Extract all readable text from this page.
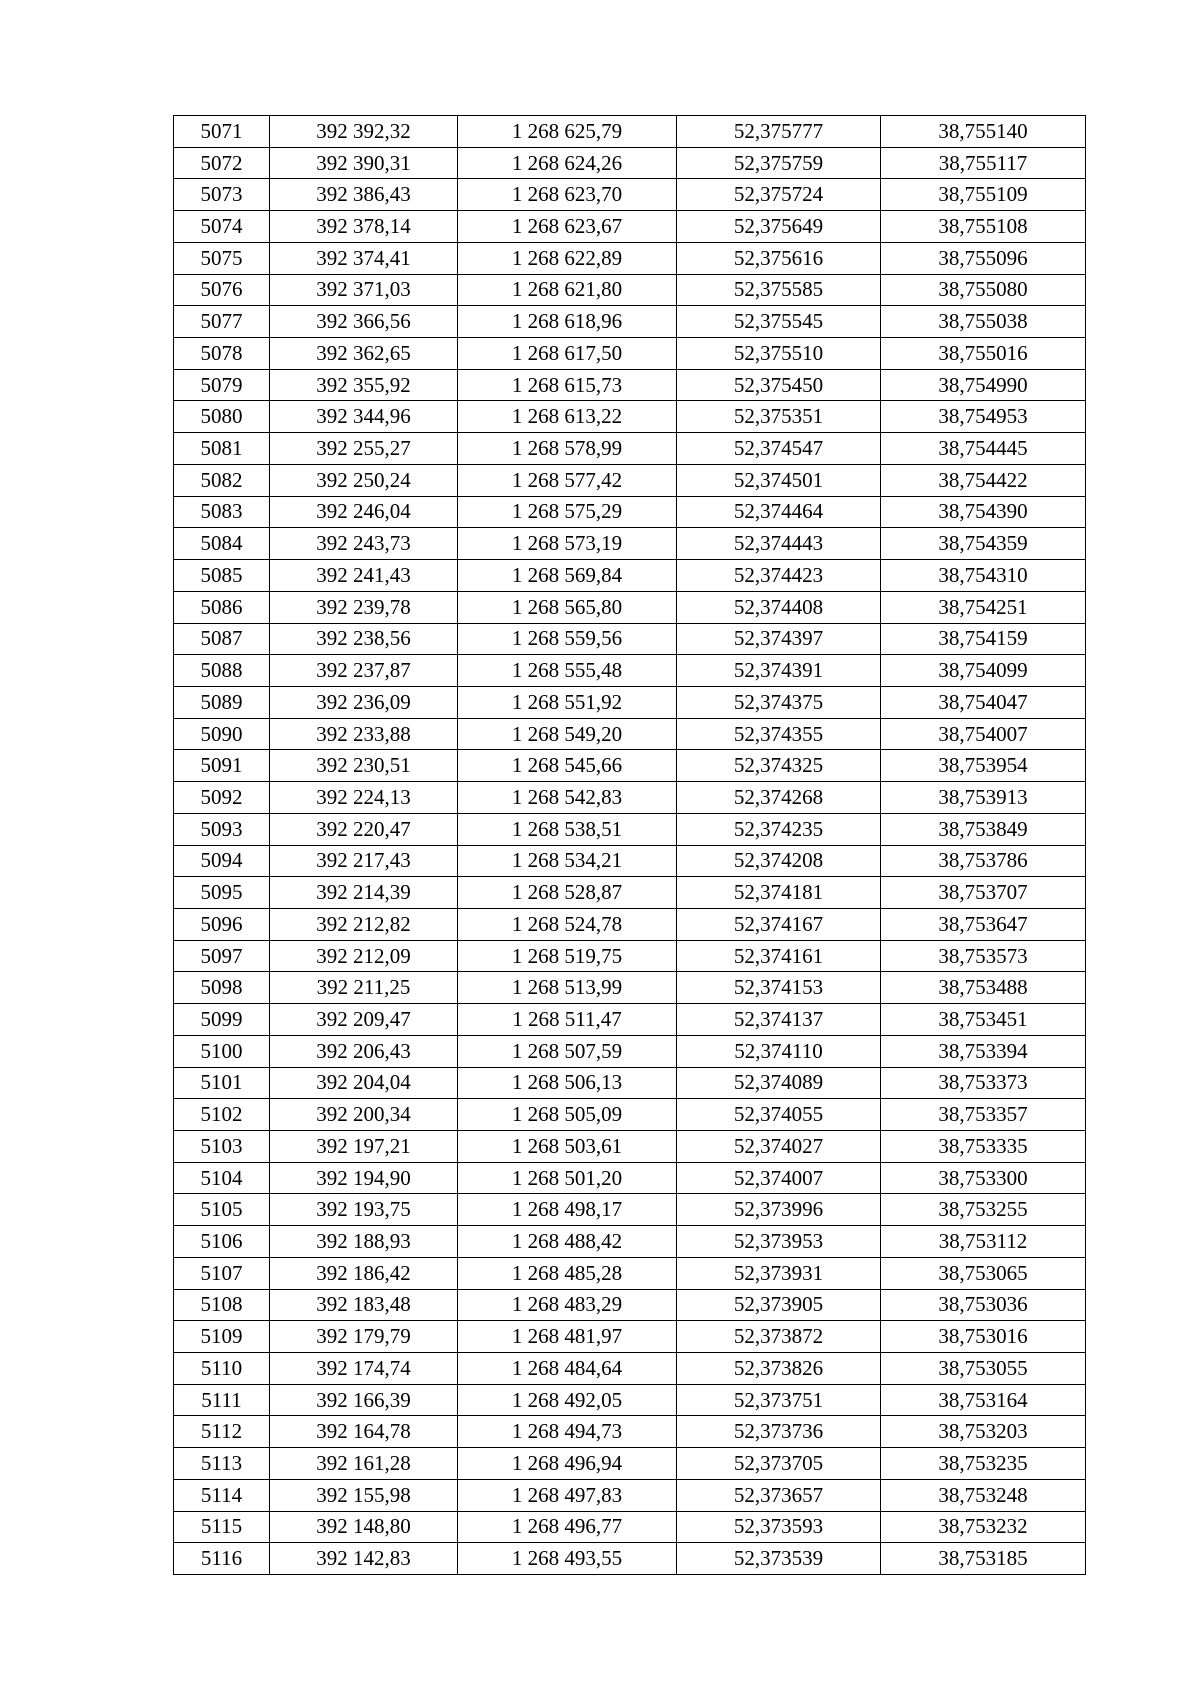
5071	392 392,32	1 268 625,79	52,375777	38,755140
5072	392 390,31	1 268 624,26	52,375759	38,755117
5073	392 386,43	1 268 623,70	52,375724	38,755109
5074	392 378,14	1 268 623,67	52,375649	38,755108
5075	392 374,41	1 268 622,89	52,375616	38,755096
5076	392 371,03	1 268 621,80	52,375585	38,755080
5077	392 366,56	1 268 618,96	52,375545	38,755038
5078	392 362,65	1 268 617,50	52,375510	38,755016
5079	392 355,92	1 268 615,73	52,375450	38,754990
5080	392 344,96	1 268 613,22	52,375351	38,754953
5081	392 255,27	1 268 578,99	52,374547	38,754445
5082	392 250,24	1 268 577,42	52,374501	38,754422
5083	392 246,04	1 268 575,29	52,374464	38,754390
5084	392 243,73	1 268 573,19	52,374443	38,754359
5085	392 241,43	1 268 569,84	52,374423	38,754310
5086	392 239,78	1 268 565,80	52,374408	38,754251
5087	392 238,56	1 268 559,56	52,374397	38,754159
5088	392 237,87	1 268 555,48	52,374391	38,754099
5089	392 236,09	1 268 551,92	52,374375	38,754047
5090	392 233,88	1 268 549,20	52,374355	38,754007
5091	392 230,51	1 268 545,66	52,374325	38,753954
5092	392 224,13	1 268 542,83	52,374268	38,753913
5093	392 220,47	1 268 538,51	52,374235	38,753849
5094	392 217,43	1 268 534,21	52,374208	38,753786
5095	392 214,39	1 268 528,87	52,374181	38,753707
5096	392 212,82	1 268 524,78	52,374167	38,753647
5097	392 212,09	1 268 519,75	52,374161	38,753573
5098	392 211,25	1 268 513,99	52,374153	38,753488
5099	392 209,47	1 268 511,47	52,374137	38,753451
5100	392 206,43	1 268 507,59	52,374110	38,753394
5101	392 204,04	1 268 506,13	52,374089	38,753373
5102	392 200,34	1 268 505,09	52,374055	38,753357
5103	392 197,21	1 268 503,61	52,374027	38,753335
5104	392 194,90	1 268 501,20	52,374007	38,753300
5105	392 193,75	1 268 498,17	52,373996	38,753255
5106	392 188,93	1 268 488,42	52,373953	38,753112
5107	392 186,42	1 268 485,28	52,373931	38,753065
5108	392 183,48	1 268 483,29	52,373905	38,753036
5109	392 179,79	1 268 481,97	52,373872	38,753016
5110	392 174,74	1 268 484,64	52,373826	38,753055
5111	392 166,39	1 268 492,05	52,373751	38,753164
5112	392 164,78	1 268 494,73	52,373736	38,753203
5113	392 161,28	1 268 496,94	52,373705	38,753235
5114	392 155,98	1 268 497,83	52,373657	38,753248
5115	392 148,80	1 268 496,77	52,373593	38,753232
5116	392 142,83	1 268 493,55	52,373539	38,753185
